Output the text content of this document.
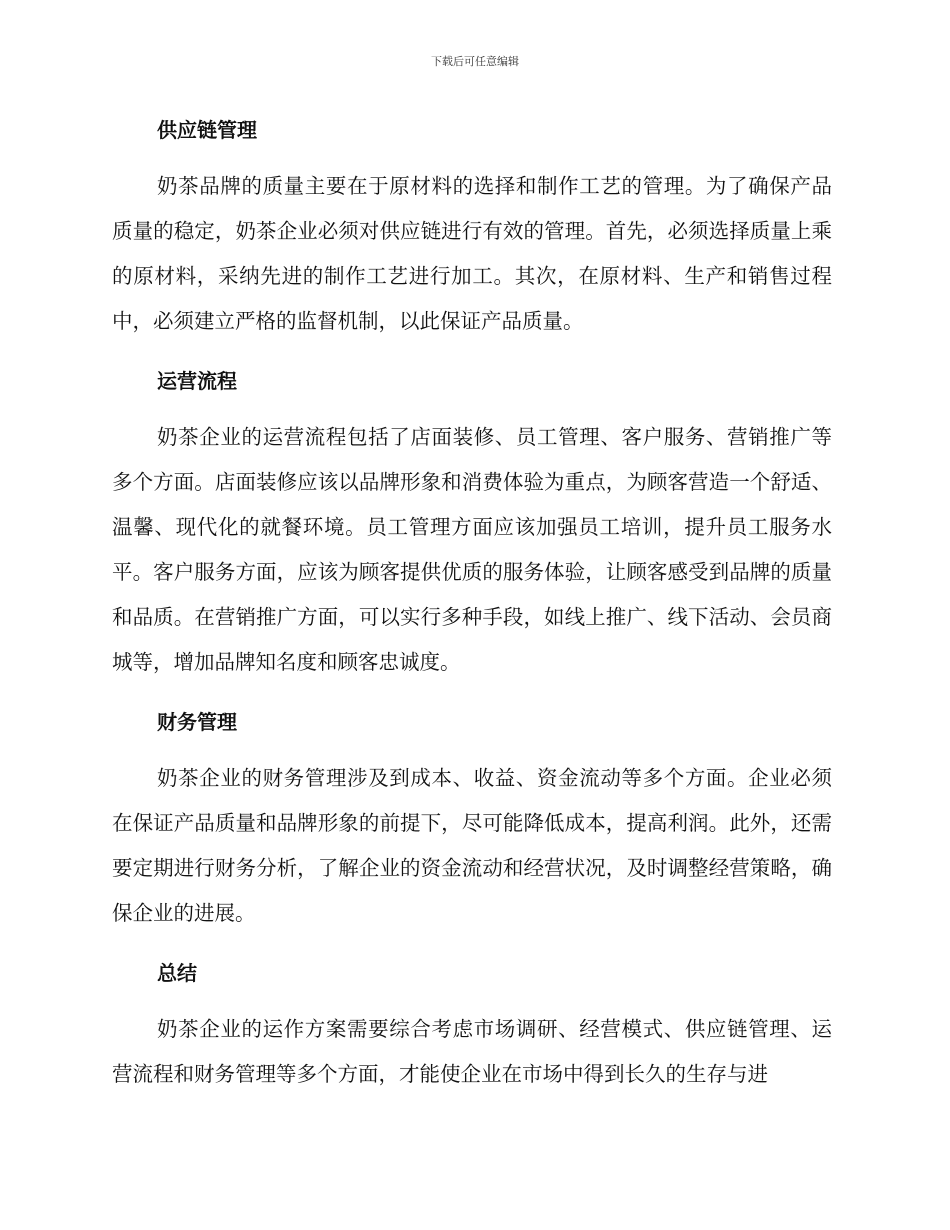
下载后可任意编辑
供应链管理

奶茶品牌的质量主要在于原材料的选择和制作工艺的管理。为了确保产品质量的稳定，奶茶企业必须对供应链进行有效的管理。首先，必须选择质量上乘的原材料，采纳先进的制作工艺进行加工。其次，在原材料、生产和销售过程中，必须建立严格的监督机制，以此保证产品质量。

运营流程

奶茶企业的运营流程包括了店面装修、员工管理、客户服务、营销推广等多个方面。店面装修应该以品牌形象和消费体验为重点，为顾客营造一个舒适、温馨、现代化的就餐环境。员工管理方面应该加强员工培训，提升员工服务水平。客户服务方面，应该为顾客提供优质的服务体验，让顾客感受到品牌的质量和品质。在营销推广方面，可以实行多种手段，如线上推广、线下活动、会员商城等，增加品牌知名度和顾客忠诚度。

财务管理

奶茶企业的财务管理涉及到成本、收益、资金流动等多个方面。企业必须在保证产品质量和品牌形象的前提下，尽可能降低成本，提高利润。此外，还需要定期进行财务分析，了解企业的资金流动和经营状况，及时调整经营策略，确保企业的进展。

总结

奶茶企业的运作方案需要综合考虑市场调研、经营模式、供应链管理、运营流程和财务管理等多个方面，才能使企业在市场中得到长久的生存与进
